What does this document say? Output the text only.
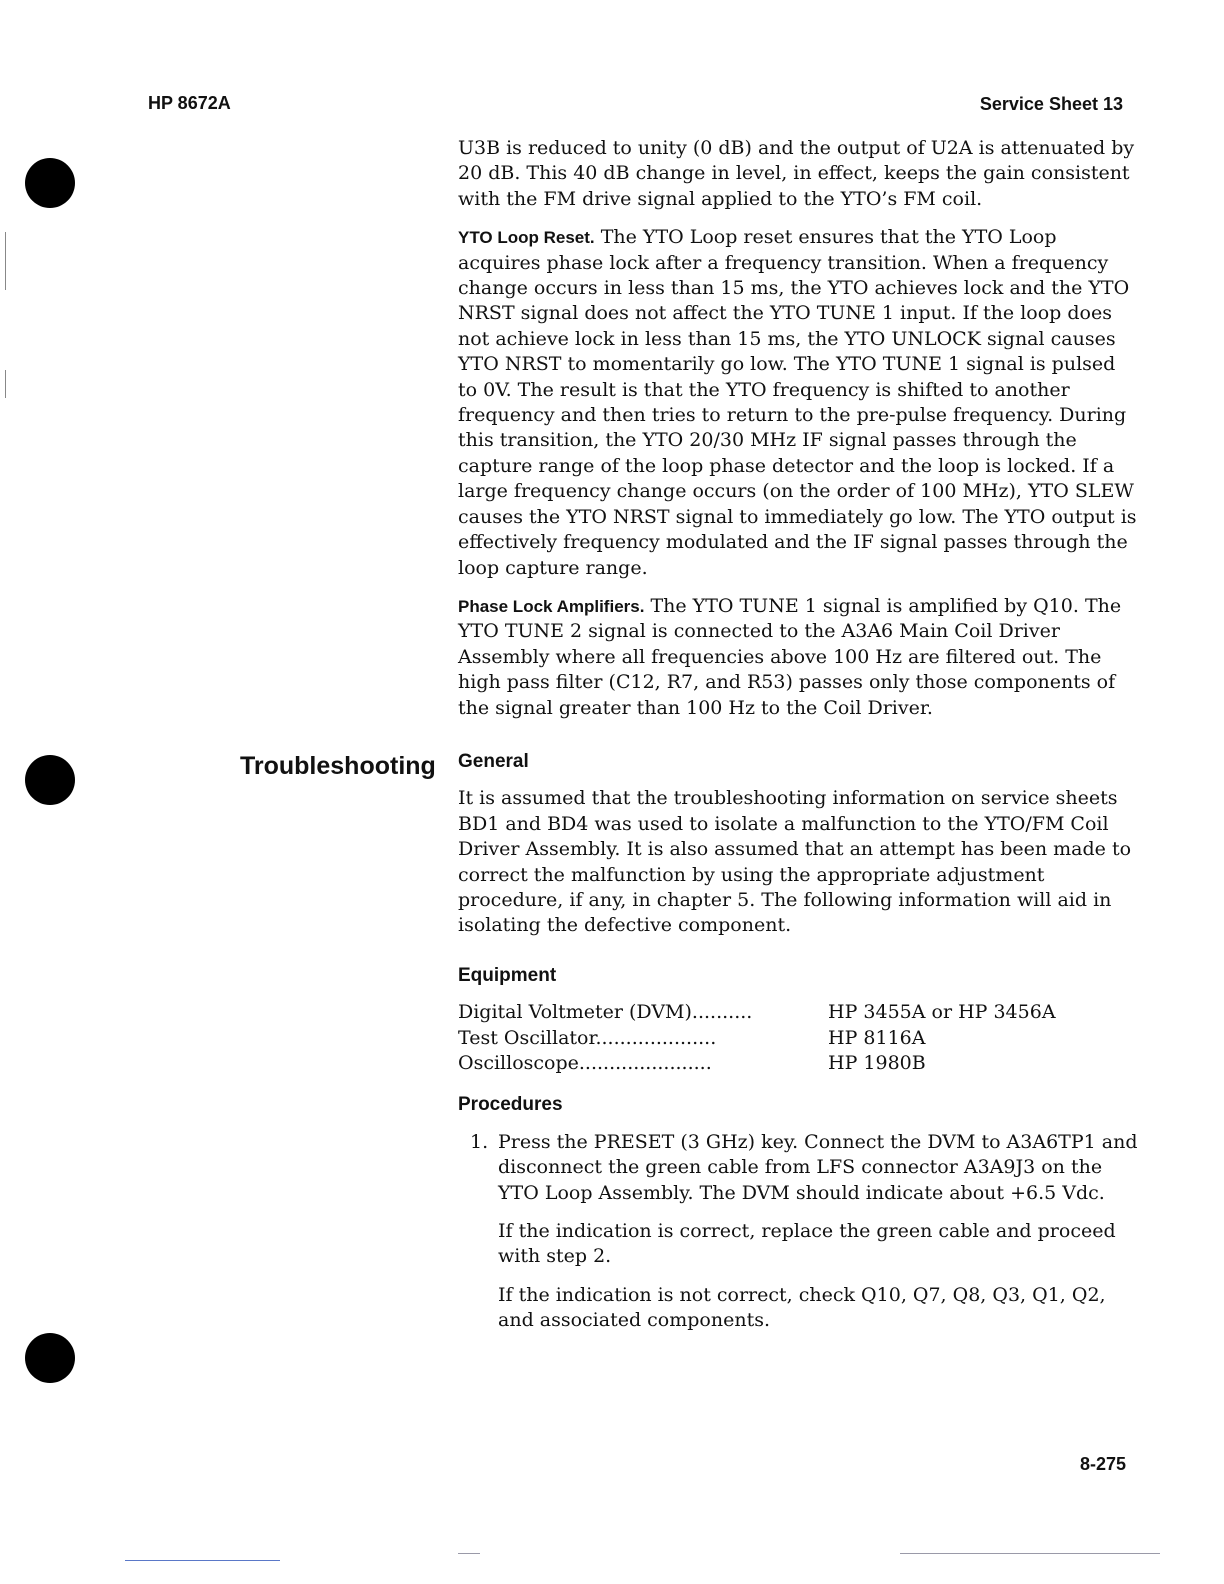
HP 8672A	Service Sheet 13
Troubleshooting

U3B is reduced to unity (0 dB) and the output of U2A is attenuated by 20 dB. This 40 dB change in level, in effect, keeps the gain consistent with the FM drive signal applied to the YTO’s FM coil.

YTO Loop Reset. The YTO Loop reset ensures that the YTO Loop acquires phase lock after a frequency transition. When a frequency change occurs in less than 15 ms, the YTO achieves lock and the YTO NRST signal does not affect the YTO TUNE 1 input. If the loop does not achieve lock in less than 15 ms, the YTO UNLOCK signal causes YTO NRST to momentarily go low. The YTO TUNE 1 signal is pulsed to 0V. The result is that the YTO frequency is shifted to another frequency and then tries to return to the pre-pulse frequency. During this transition, the YTO 20/30 MHz IF signal passes through the capture range of the loop phase detector and the loop is locked. If a large frequency change occurs (on the order of 100 MHz), YTO SLEW causes the YTO NRST signal to immediately go low. The YTO output is effectively frequency modulated and the IF signal passes through the loop capture range.

Phase Lock Amplifiers. The YTO TUNE 1 signal is amplified by Q10. The YTO TUNE 2 signal is connected to the A3A6 Main Coil Driver Assembly where all frequencies above 100 Hz are filtered out. The high pass filter (C12, R7, and R53) passes only those components of the signal greater than 100 Hz to the Coil Driver.

General

It is assumed that the troubleshooting information on service sheets BD1 and BD4 was used to isolate a malfunction to the YTO/FM Coil Driver Assembly. It is also assumed that an attempt has been made to correct the malfunction by using the appropriate adjustment procedure, if any, in chapter 5. The following information will aid in isolating the defective component.

Equipment
Digital Voltmeter (DVM)..........	HP 3455A or HP 3456A
Test Oscillator....................	HP 8116A
Oscilloscope......................	HP 1980B
Procedures
1. Press the PRESET (3 GHz) key. Connect the DVM to A3A6TP1 and disconnect the green cable from LFS connector A3A9J3 on the YTO Loop Assembly. The DVM should indicate about +6.5 Vdc.

If the indication is correct, replace the green cable and proceed with step 2.

If the indication is not correct, check Q10, Q7, Q8, Q3, Q1, Q2, and associated components.

8-275
